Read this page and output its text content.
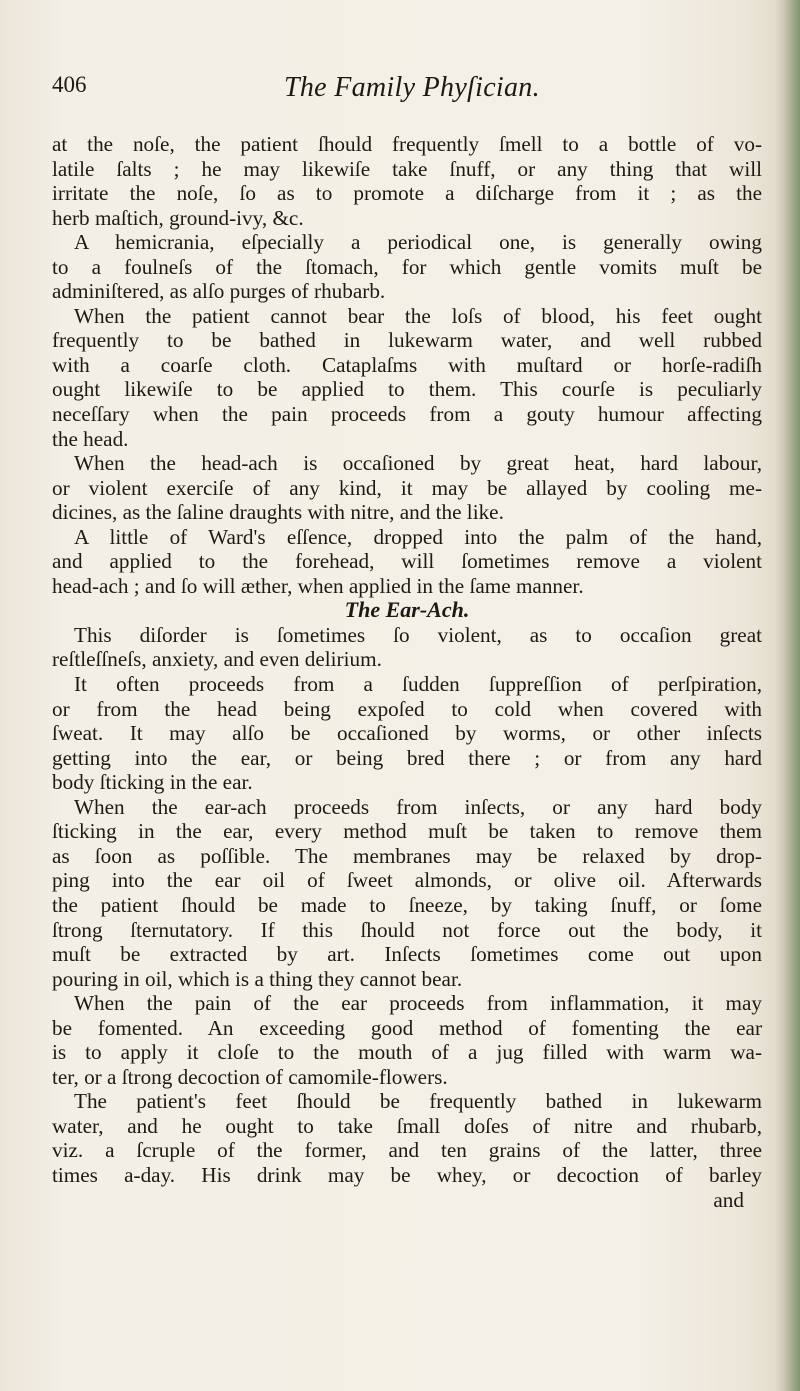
406	The Family Phyſician.
at the noſe, the patient ſhould frequently ſmell to a bottle of vo-
latile ſalts ; he may likewiſe take ſnuff, or any thing that will
irritate the noſe, ſo as to promote a diſcharge from it ; as the
herb maſtich, ground-ivy, &c.
A hemicrania, eſpecially a periodical one, is generally owing
to a foulneſs of the ſtomach, for which gentle vomits muſt be
adminiſtered, as alſo purges of rhubarb.
When the patient cannot bear the loſs of blood, his feet ought
frequently to be bathed in lukewarm water, and well rubbed
with a coarſe cloth. Cataplaſms with muſtard or horſe-radiſh
ought likewiſe to be applied to them. This courſe is peculiarly
neceſſary when the pain proceeds from a gouty humour affecting
the head.
When the head-ach is occaſioned by great heat, hard labour,
or violent exerciſe of any kind, it may be allayed by cooling me-
dicines, as the ſaline draughts with nitre, and the like.
A little of Ward's eſſence, dropped into the palm of the hand,
and applied to the forehead, will ſometimes remove a violent
head-ach ; and ſo will æther, when applied in the ſame manner.
The Ear-Ach.
This diſorder is ſometimes ſo violent, as to occaſion great
reſtleſſneſs, anxiety, and even delirium.
It often proceeds from a ſudden ſuppreſſion of perſpiration,
or from the head being expoſed to cold when covered with
ſweat. It may alſo be occaſioned by worms, or other inſects
getting into the ear, or being bred there ; or from any hard
body ſticking in the ear.
When the ear-ach proceeds from inſects, or any hard body
ſticking in the ear, every method muſt be taken to remove them
as ſoon as poſſible. The membranes may be relaxed by drop-
ping into the ear oil of ſweet almonds, or olive oil. Afterwards
the patient ſhould be made to ſneeze, by taking ſnuff, or ſome
ſtrong ſternutatory. If this ſhould not force out the body, it
muſt be extracted by art. Inſects ſometimes come out upon
pouring in oil, which is a thing they cannot bear.
When the pain of the ear proceeds from inflammation, it may
be fomented. An exceeding good method of fomenting the ear
is to apply it cloſe to the mouth of a jug filled with warm wa-
ter, or a ſtrong decoction of camomile-flowers.
The patient's feet ſhould be frequently bathed in lukewarm
water, and he ought to take ſmall doſes of nitre and rhubarb,
viz. a ſcruple of the former, and ten grains of the latter, three
times a-day. His drink may be whey, or decoction of barley
and
